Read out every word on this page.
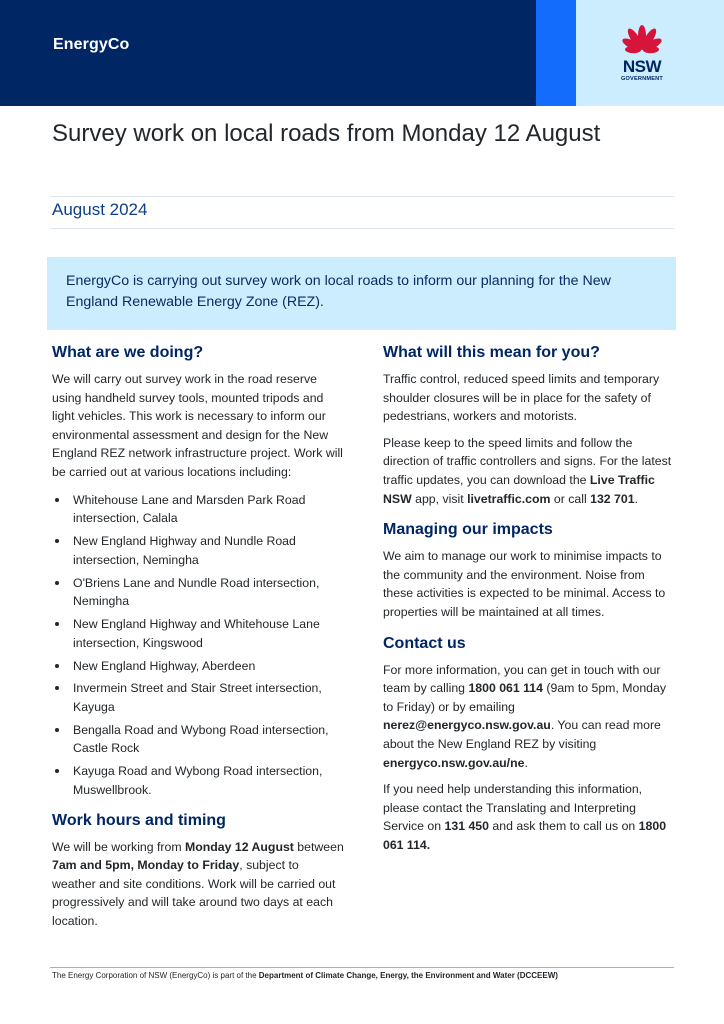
EnergyCo
NSW
GOVERNMENT
Survey work on local roads from Monday 12 August
August 2024
EnergyCo is carrying out survey work on local roads to inform our planning for the New England Renewable Energy Zone (REZ).
What are we doing?

We will carry out survey work in the road reserve using handheld survey tools, mounted tripods and light vehicles. This work is necessary to inform our environmental assessment and design for the New England REZ network infrastructure project. Work will be carried out at various locations including:

Whitehouse Lane and Marsden Park Road intersection, Calala
New England Highway and Nundle Road intersection, Nemingha
O'Briens Lane and Nundle Road intersection, Nemingha
New England Highway and Whitehouse Lane intersection, Kingswood
New England Highway, Aberdeen
Invermein Street and Stair Street intersection, Kayuga
Bengalla Road and Wybong Road intersection, Castle Rock
Kayuga Road and Wybong Road intersection, Muswellbrook.
Work hours and timing

We will be working from Monday 12 August between 7am and 5pm, Monday to Friday, subject to weather and site conditions. Work will be carried out progressively and will take around two days at each location.

What will this mean for you?

Traffic control, reduced speed limits and temporary shoulder closures will be in place for the safety of pedestrians, workers and motorists.

Please keep to the speed limits and follow the direction of traffic controllers and signs. For the latest traffic updates, you can download the Live Traffic NSW app, visit livetraffic.com or call 132 701.

Managing our impacts

We aim to manage our work to minimise impacts to the community and the environment. Noise from these activities is expected to be minimal. Access to properties will be maintained at all times.

Contact us

For more information, you can get in touch with our team by calling 1800 061 114 (9am to 5pm, Monday to Friday) or by emailing nerez@energyco.nsw.gov.au. You can read more about the New England REZ by visiting energyco.nsw.gov.au/ne.

If you need help understanding this information, please contact the Translating and Interpreting Service on 131 450 and ask them to call us on 1800 061 114.

The Energy Corporation of NSW (EnergyCo) is part of the Department of Climate Change, Energy, the Environment and Water (DCCEEW)
